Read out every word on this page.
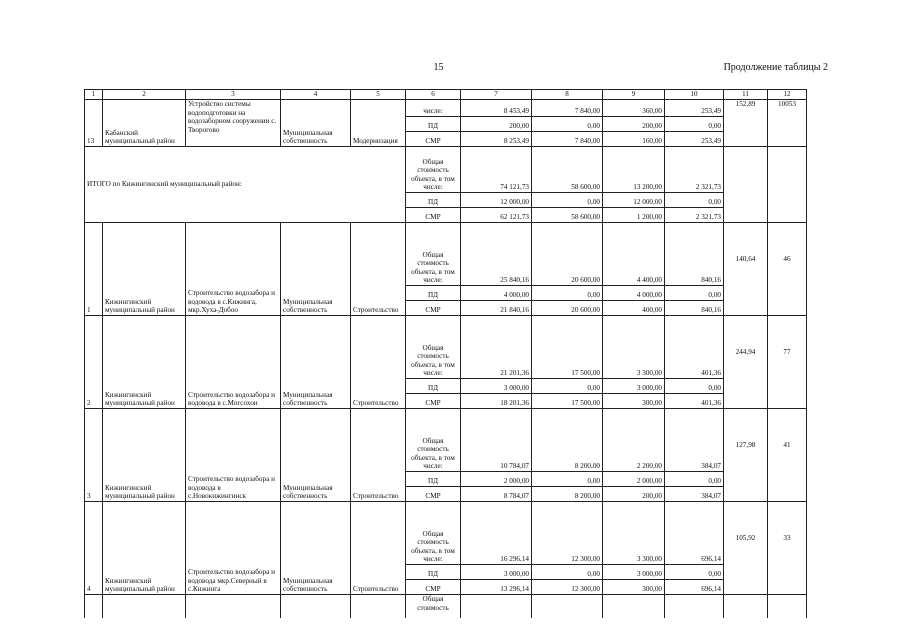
15	Продолжение таблицы 2
1	2	3	4	5	6	7	8	9	10	11	12
13	Кабанский муниципальный район	Устройство системы водоподготовки на водозаборном сооружении с. Твороговo	Муниципальная собственность	Модернизация	числе:	8 453,49	7 840,00	360,00	253,49	152,89	10053
					ПД	200,00	0,00	200,00	0,00		
					СМР	8 253,49	7 840,00	160,00	253,49		
ИТОГО по Кижингинский муниципальный район:					Общая стоимость объекта, в том числе:	74 121,73	58 600,00	13 200,00	2 321,73		
					ПД	12 000,00	0,00	12 000,00	0,00		
					СМР	62 121,73	58 600,00	1 200,00	2 321,73		
1	Кижингинский муниципальный район	Строительство водозабора и водовода в с.Кижинга, мкр.Хуха-Добоо	Муниципальная собственность	Строительство	Общая стоимость объекта, в том числе:	25 840,16	20 600,00	4 400,00	840,16	140,64	46
					ПД	4 000,00	0,00	4 000,00	0,00		
					СМР	21 840,16	20 600,00	400,00	840,16		
2	Кижингинский муниципальный район	Строительство водозабора и водовода в с.Могсохон	Муниципальная собственность	Строительство	Общая стоимость объекта, в том числе:	21 201,36	17 500,00	3 300,00	401,36	244,94	77
					ПД	3 000,00	0,00	3 000,00	0,00		
					СМР	18 201,36	17 500,00	300,00	401,36		
3	Кижингинский муниципальный район	Строительство водозабора и водовода в с.Новокижингинск	Муниципальная собственность	Строительство	Общая стоимость объекта, в том числе:	10 784,07	8 200,00	2 200,00	384,07	127,98	41
					ПД	2 000,00	0,00	2 000,00	0,00		
					СМР	8 784,07	8 200,00	200,00	384,07		
4	Кижингинский муниципальный район	Строительство водозабора и водовода мкр.Северный в с.Кижинга	Муниципальная собственность	Строительство	Общая стоимость объекта, в том числе:	16 296,14	12 300,00	3 300,00	696,14	105,92	33
					ПД	3 000,00	0,00	3 000,00	0,00		
					СМР	13 296,14	12 300,00	300,00	696,14		
					Общая стоимость						
